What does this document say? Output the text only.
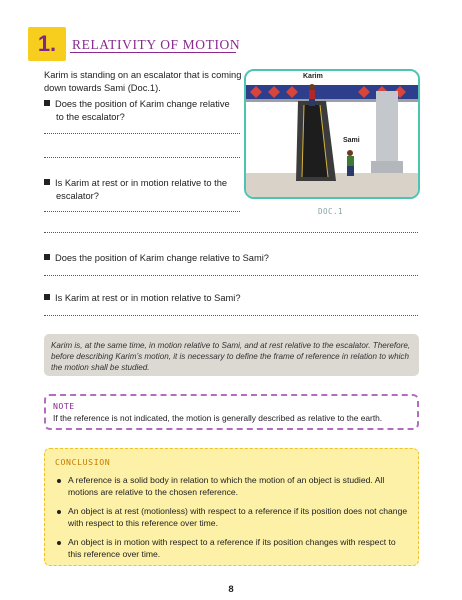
1.	RELATIVITY OF MOTION
Karim is standing on an escalator that is coming down towards Sami (Doc.1).
Does the position of Karim change relative
to the escalator?
Is Karim at rest or in motion relative to the
escalator?
Does the position of Karim change relative to Sami?
Is Karim at rest or in motion relative to Sami?
Karim
Sami
DOC.1
Karim is, at the same time, in motion relative to Sami, and at rest relative to the escalator. Therefore, before describing Karim’s motion, it is necessary to define the frame of reference in relation to which the motion shall be studied.
NOTE
If the reference is not indicated, the motion is generally described as relative to the earth.
CONCLUSION
A reference is a solid body in relation to which the motion of an object is studied. All motions are relative to the chosen reference.
An object is at rest (motionless) with respect to a reference if its position does not change with respect to this reference over time.
An object is in motion with respect to a reference if its position changes with respect to this reference over time.
8
